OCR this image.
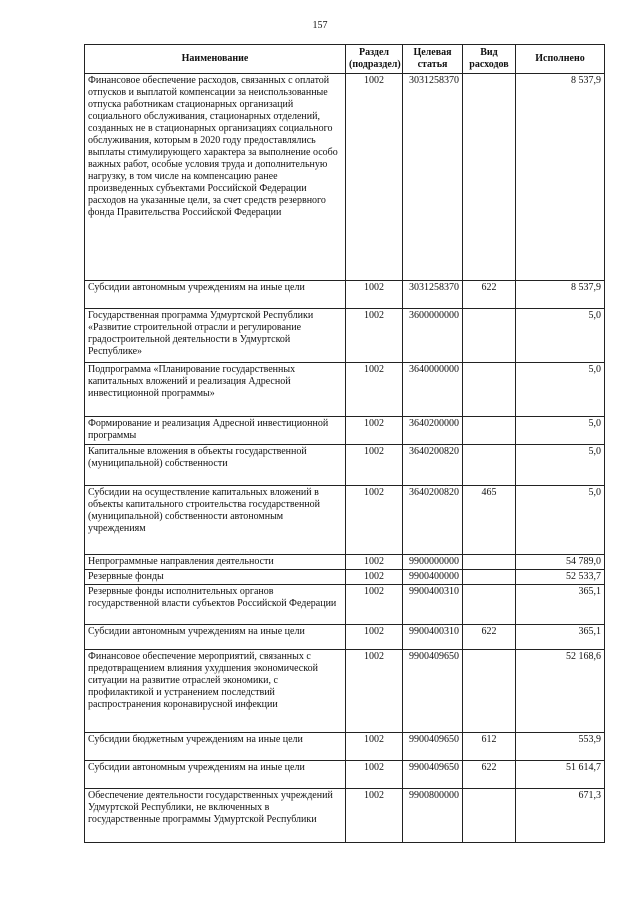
157
Наименование	Раздел (подраздел)	Целевая статья	Вид расходов	Исполнено
Финансовое обеспечение расходов, связанных с оплатой отпусков и выплатой компенсации за неиспользованные отпуска работникам стационарных организаций социального обслуживания, стационарных отделений, созданных не в стационарных организациях социального обслуживания, которым в 2020 году предоставлялись выплаты стимулирующего характера за выполнение особо важных работ, особые условия труда и дополнительную нагрузку, в том числе на компенсацию ранее произведенных субъектами Российской Федерации расходов на указанные цели, за счет средств резервного фонда Правительства Российской Федерации	1002	3031258370		8 537,9
Субсидии автономным учреждениям на иные цели	1002	3031258370	622	8 537,9
Государственная программа Удмуртской Республики «Развитие строительной отрасли и регулирование градостроительной деятельности в Удмуртской Республике»	1002	3600000000		5,0
Подпрограмма «Планирование государственных капитальных вложений и реализация Адресной инвестиционной программы»	1002	3640000000		5,0
Формирование и реализация Адресной инвестиционной программы	1002	3640200000		5,0
Капитальные вложения в объекты государственной (муниципальной) собственности	1002	3640200820		5,0
Субсидии на осуществление капитальных вложений в объекты капитального строительства государственной (муниципальной) собственности автономным учреждениям	1002	3640200820	465	5,0
Непрограммные направления деятельности	1002	9900000000		54 789,0
Резервные фонды	1002	9900400000		52 533,7
Резервные фонды исполнительных органов государственной власти субъектов Российской Федерации	1002	9900400310		365,1
Субсидии автономным учреждениям на иные цели	1002	9900400310	622	365,1
Финансовое обеспечение мероприятий, связанных с предотвращением влияния ухудшения экономической ситуации на развитие отраслей экономики, с профилактикой и устранением последствий распространения коронавирусной инфекции	1002	9900409650		52 168,6
Субсидии бюджетным учреждениям на иные цели	1002	9900409650	612	553,9
Субсидии автономным учреждениям на иные цели	1002	9900409650	622	51 614,7
Обеспечение деятельности государственных учреждений Удмуртской Республики, не включенных в государственные программы Удмуртской Республики	1002	9900800000		671,3
